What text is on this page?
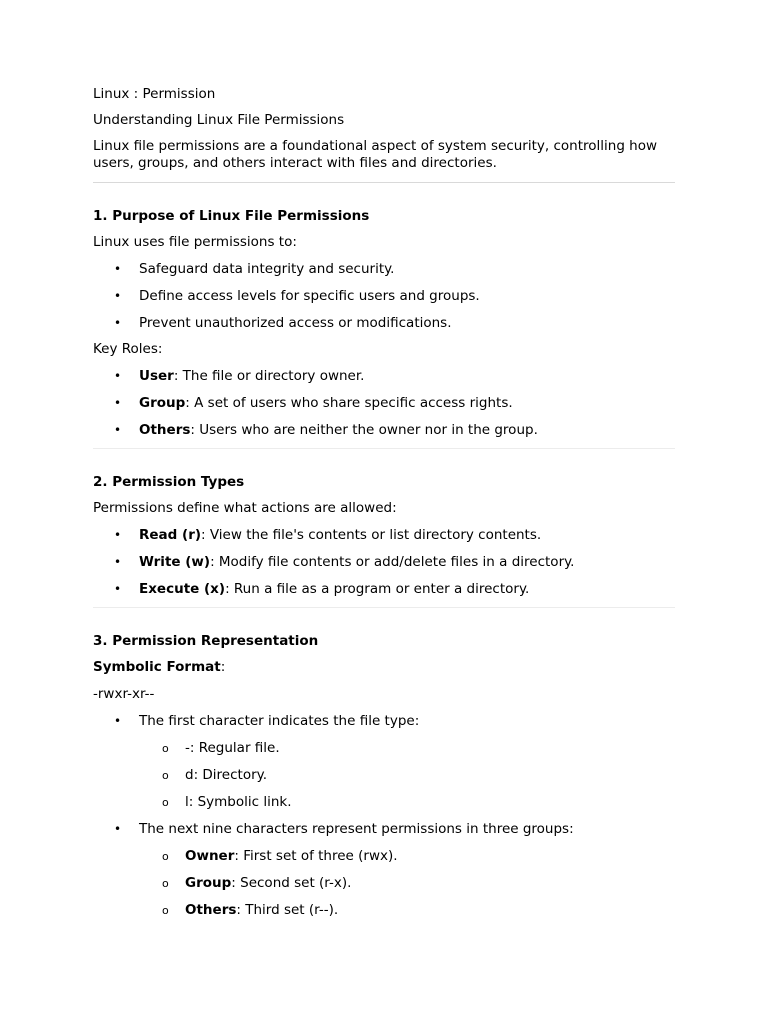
Linux : Permission

Understanding Linux File Permissions

Linux file permissions are a foundational aspect of system security, controlling how users, groups, and others interact with files and directories.

1. Purpose of Linux File Permissions

Linux uses file permissions to:

• Safeguard data integrity and security.
• Define access levels for specific users and groups.
• Prevent unauthorized access or modifications.

Key Roles:

• User: The file or directory owner.
• Group: A set of users who share specific access rights.
• Others: Users who are neither the owner nor in the group.
2. Permission Types

Permissions define what actions are allowed:

• Read (r): View the file's contents or list directory contents.
• Write (w): Modify file contents or add/delete files in a directory.
• Execute (x): Run a file as a program or enter a directory.
3. Permission Representation

Symbolic Format:

-rwxr-xr--

• The first character indicates the file type:
o -: Regular file.
o d: Directory.
o l: Symbolic link.
• The next nine characters represent permissions in three groups:
o Owner: First set of three (rwx).
o Group: Second set (r-x).
o Others: Third set (r--).
